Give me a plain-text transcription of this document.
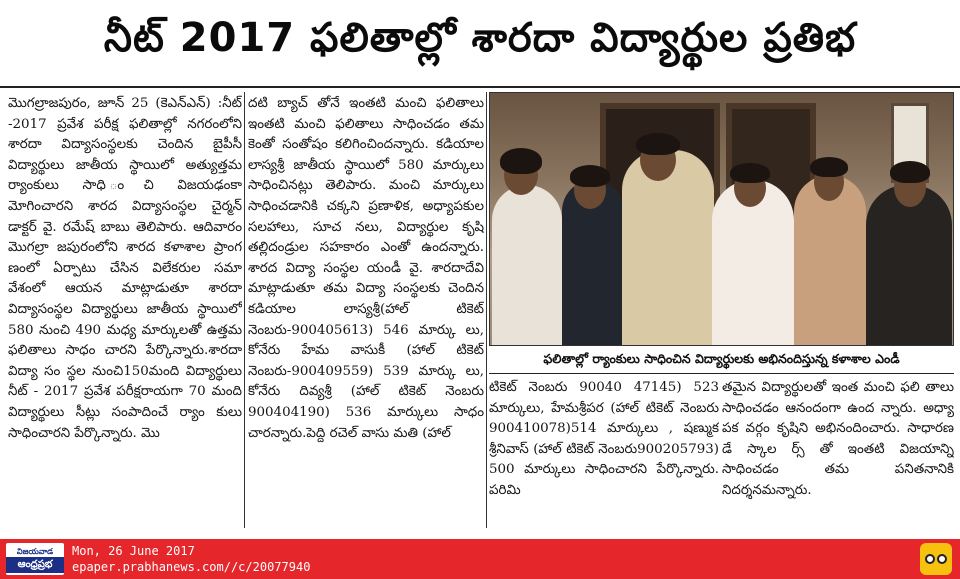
నీట్ 2017 ఫలితాల్లో శారదా విద్యార్థుల ప్రతిభ
మొగల్రాజపురం, జూన్ 25 (కెఎన్ఎన్) :నీట్ -2017 ప్రవేశ పరీక్ష ఫలితాల్లో నగరంలోని శారదా విద్యాసంస్థలకు చెందిన బైపీసీ విద్యార్థులు జాతీయ స్థాయిలో అత్యుత్తమ ర్యాంకులు సాధి ంచి విజయఢంకా మోగించారని శారద విద్యాసంస్థల చైర్మన్ డాక్టర్ వై. రమేష్ బాబు తెలిపారు. ఆదివారం మొగల్రా జపురంలోని శారద కళాశాల ప్రాంగ ణంలో ఏర్పాటు చేసిన విలేకరుల సమా వేశంలో ఆయన మాట్లాడుతూ శారదా విద్యాసంస్థల విద్యార్థులు జాతీయ స్థాయిలో 580 నుంచి 490 మధ్య మార్కులతో ఉత్తమ ఫలితాలు సాధం చారని పేర్కొన్నారు.శారదా విద్యా సం స్థల నుంచి150మంది విద్యార్థులు నీట్ - 2017 ప్రవేశ పరీక్షరాయగా 70 మంది విద్యార్థులు సీట్లు సంపాదించే ర్యాం కులు సాధించారని పేర్కొన్నారు. మొ
దటి బ్యాచ్ తోనే ఇంతటి మంచి ఫలితాలు ఇంతటి మంచి ఫలితాలు సాధించడం తమ కెంతో సంతోషం కలిగించిందన్నారు. కడియాల లాస్యశ్రీ జాతీయ స్థాయిలో 580 మార్కులు సాధించినట్లు తెలిపారు. మంచి మార్కులు సాధించడానికి చక్కని ప్రణాళిక, అధ్యాపకుల సలహాలు, సూచ నలు, విద్యార్థుల కృషి తల్లిదండ్రుల సహకారం ఎంతో ఉందన్నారు. శారద విద్యా సంస్థల యండీ వై. శారదాదేవి మాట్లాడుతూ తమ విద్యా సంస్థలకు చెందిన కడియాల లాస్యశ్రీ(హాల్ టికెట్ నెంబరు-900405613) 546 మార్కు లు, కోనేరు హేమ వాసుకీ (హాల్ టికెట్ నెంబరు-900409559) 539 మార్కు లు, కోనేరు దివ్యశ్రీ (హాల్ టికెట్ నెంబరు 900404190) 536 మార్కులు సాధం చారన్నారు.పెద్ది రచెల్ వాసు మతి (హాల్
ఫలితాల్లో ర్యాంకులు సాధించిన విద్యార్థులకు అభినందిస్తున్న కళాశాల ఎండీ
టికెట్ నెంబరు 90040 47145) 523 మార్కులు, హేమశ్రీపర (హాల్ టికెట్ నెంబరు 900410078)514 మార్కులు , షణ్ముక శ్రీనివాస్ (హాల్ టికెట్ నెంబరు900205793) 500 మార్కులు సాధించారని పేర్కొన్నారు. పరిమి
తమైన విద్యార్థులతో ఇంత మంచి ఫలి తాలు సాధించడం ఆనందంగా ఉంద న్నారు. అధ్యా పక వర్గం కృషిని అభినందించారు. సాధారణ డే స్కాల ర్స్ తో ఇంతటి విజయాన్ని సాధించడం తమ పనితనానికి నిదర్శనమన్నారు.
విజయవాడ
ఆంధ్రప్రభ
Mon, 26 June 2017
epaper.prabhanews.com//c/20077940
